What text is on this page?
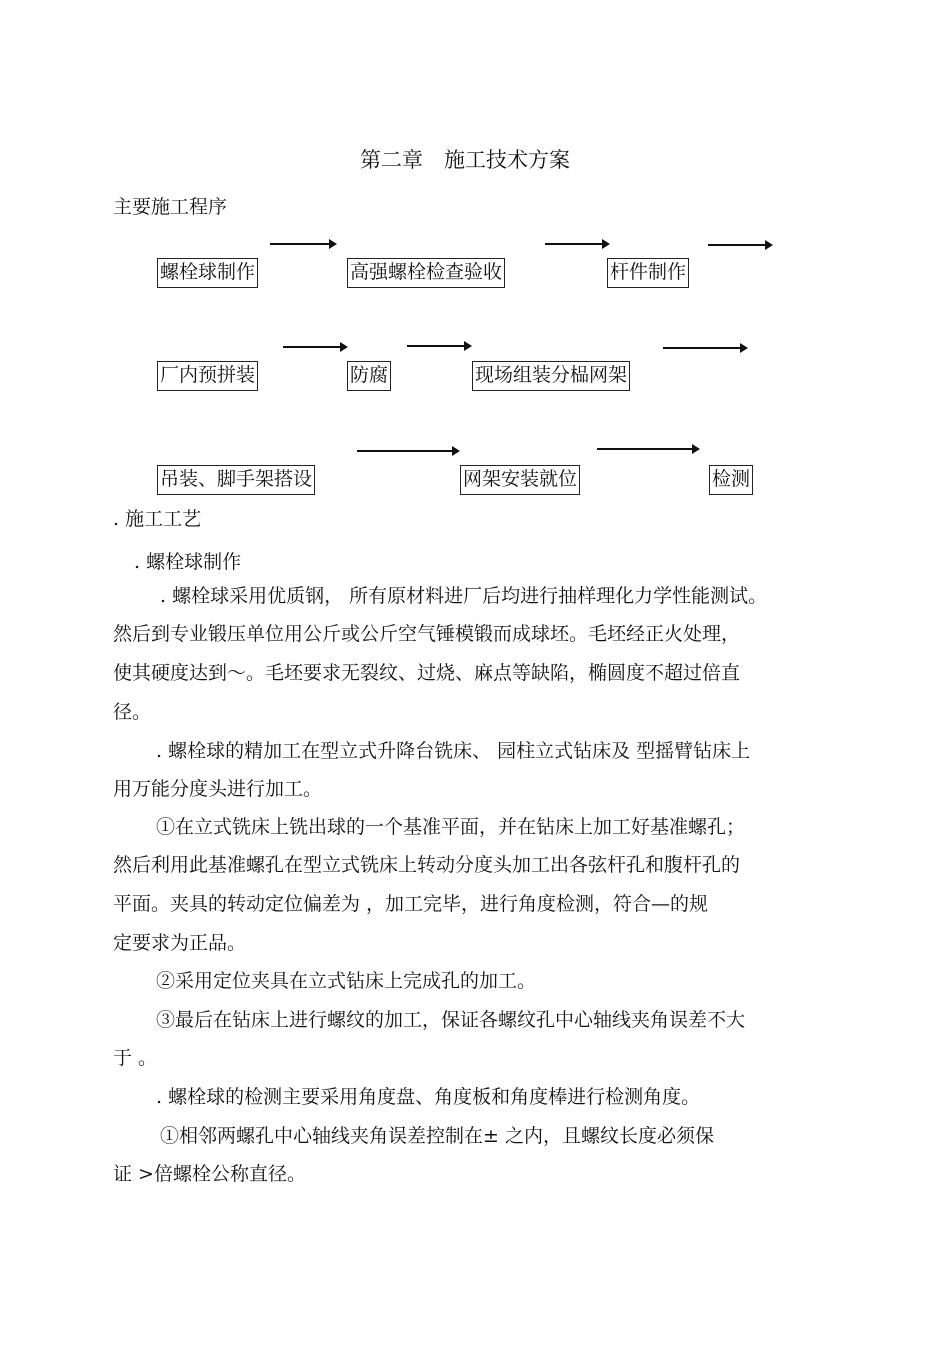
第二章　施工技术方案
主要施工程序
螺栓球制作	高强螺栓检查验收	杆件制作
厂内预拼装	防腐	现场组装分榀网架
吊装、脚手架搭设	网架安装就位	检测
. 施工工艺
. 螺栓球制作
. 螺栓球采用优质钢， 所有原材料进厂后均进行抽样理化力学性能测试。
然后到专业锻压单位用公斤或公斤空气锤模锻而成球坯。毛坯经正火处理，
使其硬度达到～。毛坯要求无裂纹、过烧、麻点等缺陷，椭圆度不超过倍直
径。
. 螺栓球的精加工在型立式升降台铣床、 园柱立式钻床及 型摇臂钻床上
用万能分度头进行加工。
①在立式铣床上铣出球的一个基准平面，并在钻床上加工好基准螺孔；
然后利用此基准螺孔在型立式铣床上转动分度头加工出各弦杆孔和腹杆孔的
平面。夹具的转动定位偏差为 ，加工完毕，进行角度检测，符合—的规
定要求为正品。
②采用定位夹具在立式钻床上完成孔的加工。
③最后在钻床上进行螺纹的加工，保证各螺纹孔中心轴线夹角误差不大
于 。
. 螺栓球的检测主要采用角度盘、角度板和角度棒进行检测角度。
①相邻两螺孔中心轴线夹角误差控制在± 之内，且螺纹长度必须保
证 >倍螺栓公称直径。
